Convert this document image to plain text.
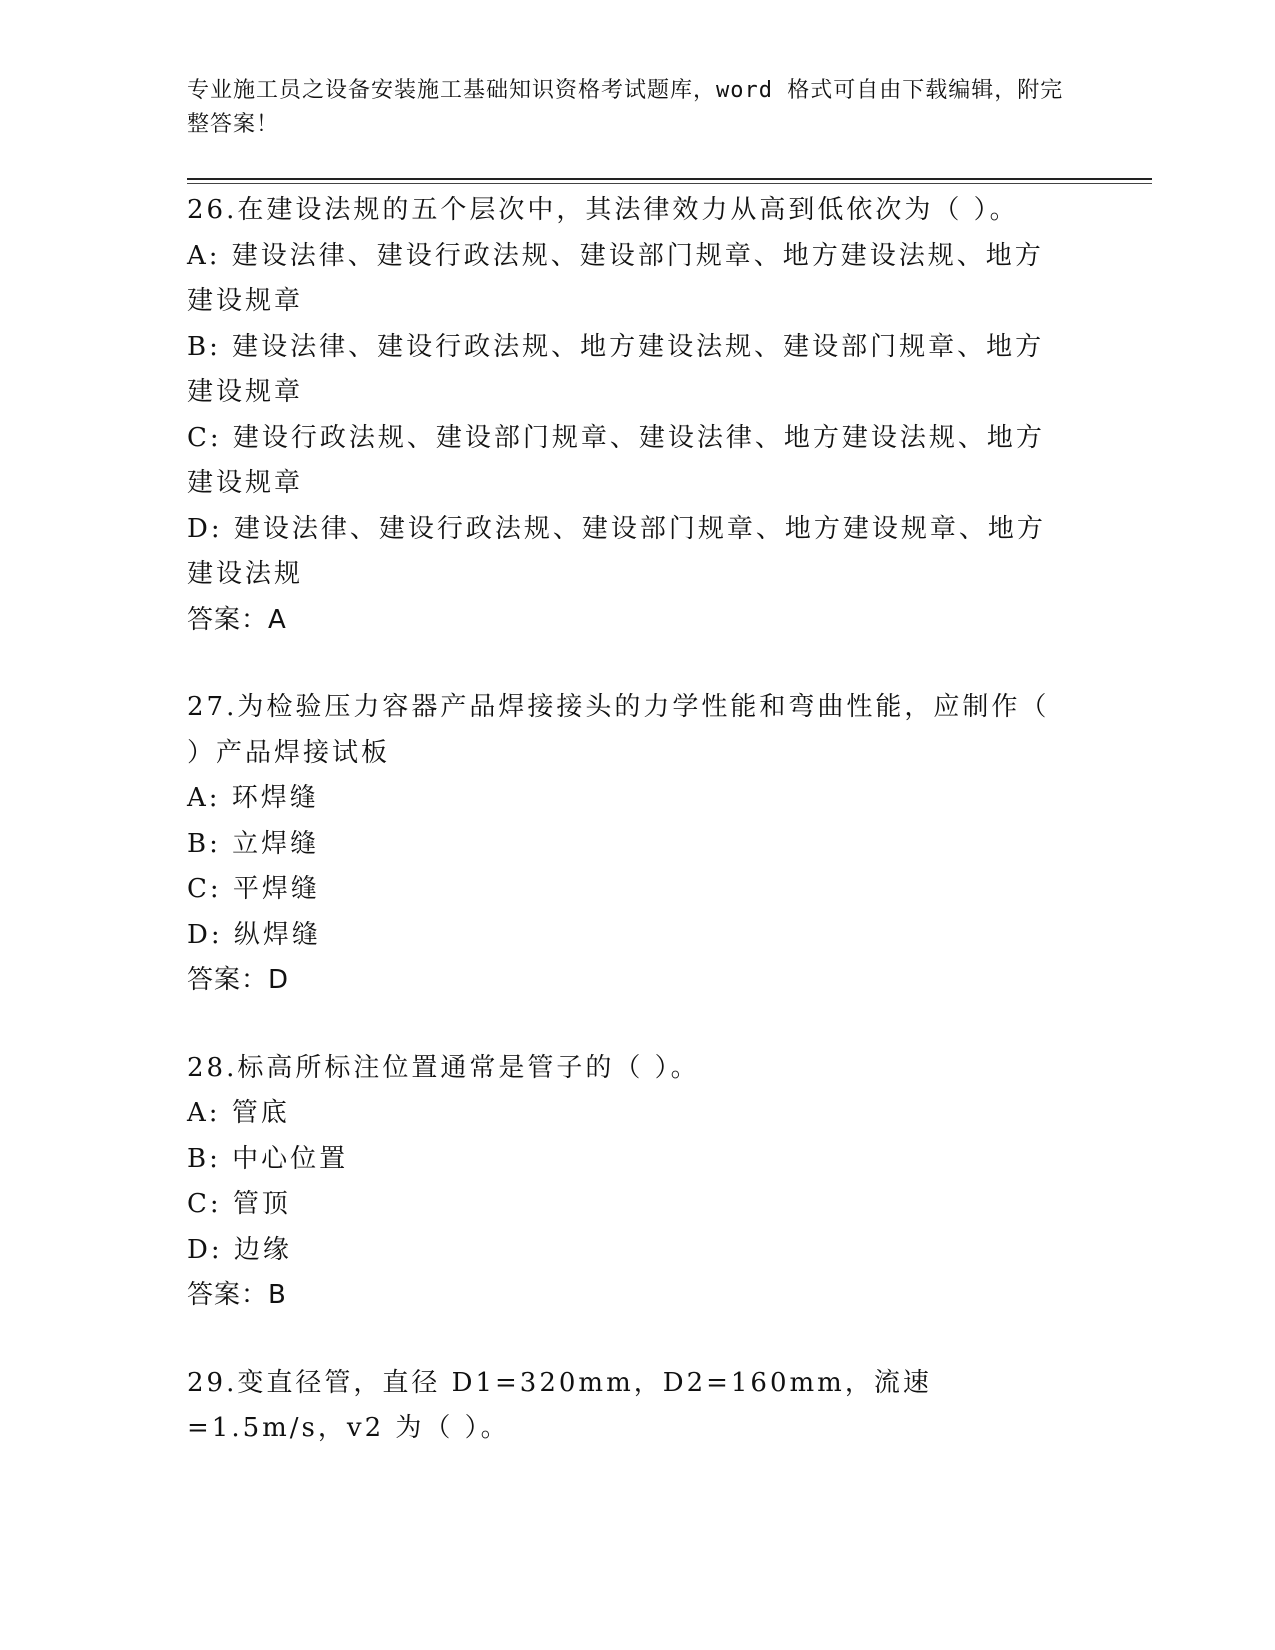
专业施工员之设备安装施工基础知识资格考试题库，word 格式可自由下载编辑，附完整答案！
26.在建设法规的五个层次中，其法律效力从高到低依次为（ ）。
A: 建设法律、建设行政法规、建设部门规章、地方建设法规、地方建设规章
B: 建设法律、建设行政法规、地方建设法规、建设部门规章、地方建设规章
C: 建设行政法规、建设部门规章、建设法律、地方建设法规、地方建设规章
D: 建设法律、建设行政法规、建设部门规章、地方建设规章、地方建设法规
答案：A
27.为检验压力容器产品焊接接头的力学性能和弯曲性能，应制作（ ）产品焊接试板
A: 环焊缝
B: 立焊缝
C: 平焊缝
D: 纵焊缝
答案：D
28.标高所标注位置通常是管子的（ ）。
A: 管底
B: 中心位置
C: 管顶
D: 边缘
答案：B
29.变直径管，直径 D1=320mm，D2=160mm，流速=1.5m/s，v2 为（ ）。
